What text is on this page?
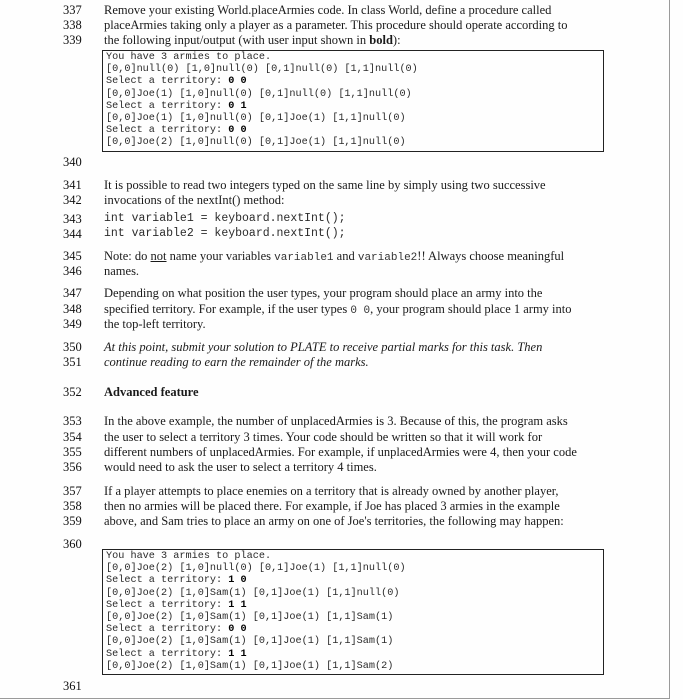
337 Remove your existing World.placeArmies code. In class World, define a procedure called
338 placeArmies taking only a player as a parameter. This procedure should operate according to
339 the following input/output (with user input shown in bold):
You have 3 armies to place.
[0,0]null(0) [1,0]null(0) [0,1]null(0) [1,1]null(0)
Select a territory: 0 0
[0,0]Joe(1) [1,0]null(0) [0,1]null(0) [1,1]null(0)
Select a territory: 0 1
[0,0]Joe(1) [1,0]null(0) [0,1]Joe(1) [1,1]null(0)
Select a territory: 0 0
[0,0]Joe(2) [1,0]null(0) [0,1]Joe(1) [1,1]null(0)
340
341 It is possible to read two integers typed on the same line by simply using two successive
342 invocations of the nextInt() method:
343 int variable1 = keyboard.nextInt();
344 int variable2 = keyboard.nextInt();
345 Note: do not name your variables variable1 and variable2!! Always choose meaningful
346 names.
347 Depending on what position the user types, your program should place an army into the
348 specified territory. For example, if the user types 0 0, your program should place 1 army into
349 the top-left territory.
350 At this point, submit your solution to PLATE to receive partial marks for this task. Then
351 continue reading to earn the remainder of the marks.
352 Advanced feature
353 In the above example, the number of unplacedArmies is 3. Because of this, the program asks
354 the user to select a territory 3 times. Your code should be written so that it will work for
355 different numbers of unplacedArmies. For example, if unplacedArmies were 4, then your code
356 would need to ask the user to select a territory 4 times.
357 If a player attempts to place enemies on a territory that is already owned by another player,
358 then no armies will be placed there. For example, if Joe has placed 3 armies in the example
359 above, and Sam tries to place an army on one of Joe's territories, the following may happen:
360
You have 3 armies to place.
[0,0]Joe(2) [1,0]null(0) [0,1]Joe(1) [1,1]null(0)
Select a territory: 1 0
[0,0]Joe(2) [1,0]Sam(1) [0,1]Joe(1) [1,1]null(0)
Select a territory: 1 1
[0,0]Joe(2) [1,0]Sam(1) [0,1]Joe(1) [1,1]Sam(1)
Select a territory: 0 0
[0,0]Joe(2) [1,0]Sam(1) [0,1]Joe(1) [1,1]Sam(1)
Select a territory: 1 1
[0,0]Joe(2) [1,0]Sam(1) [0,1]Joe(1) [1,1]Sam(2)
361
